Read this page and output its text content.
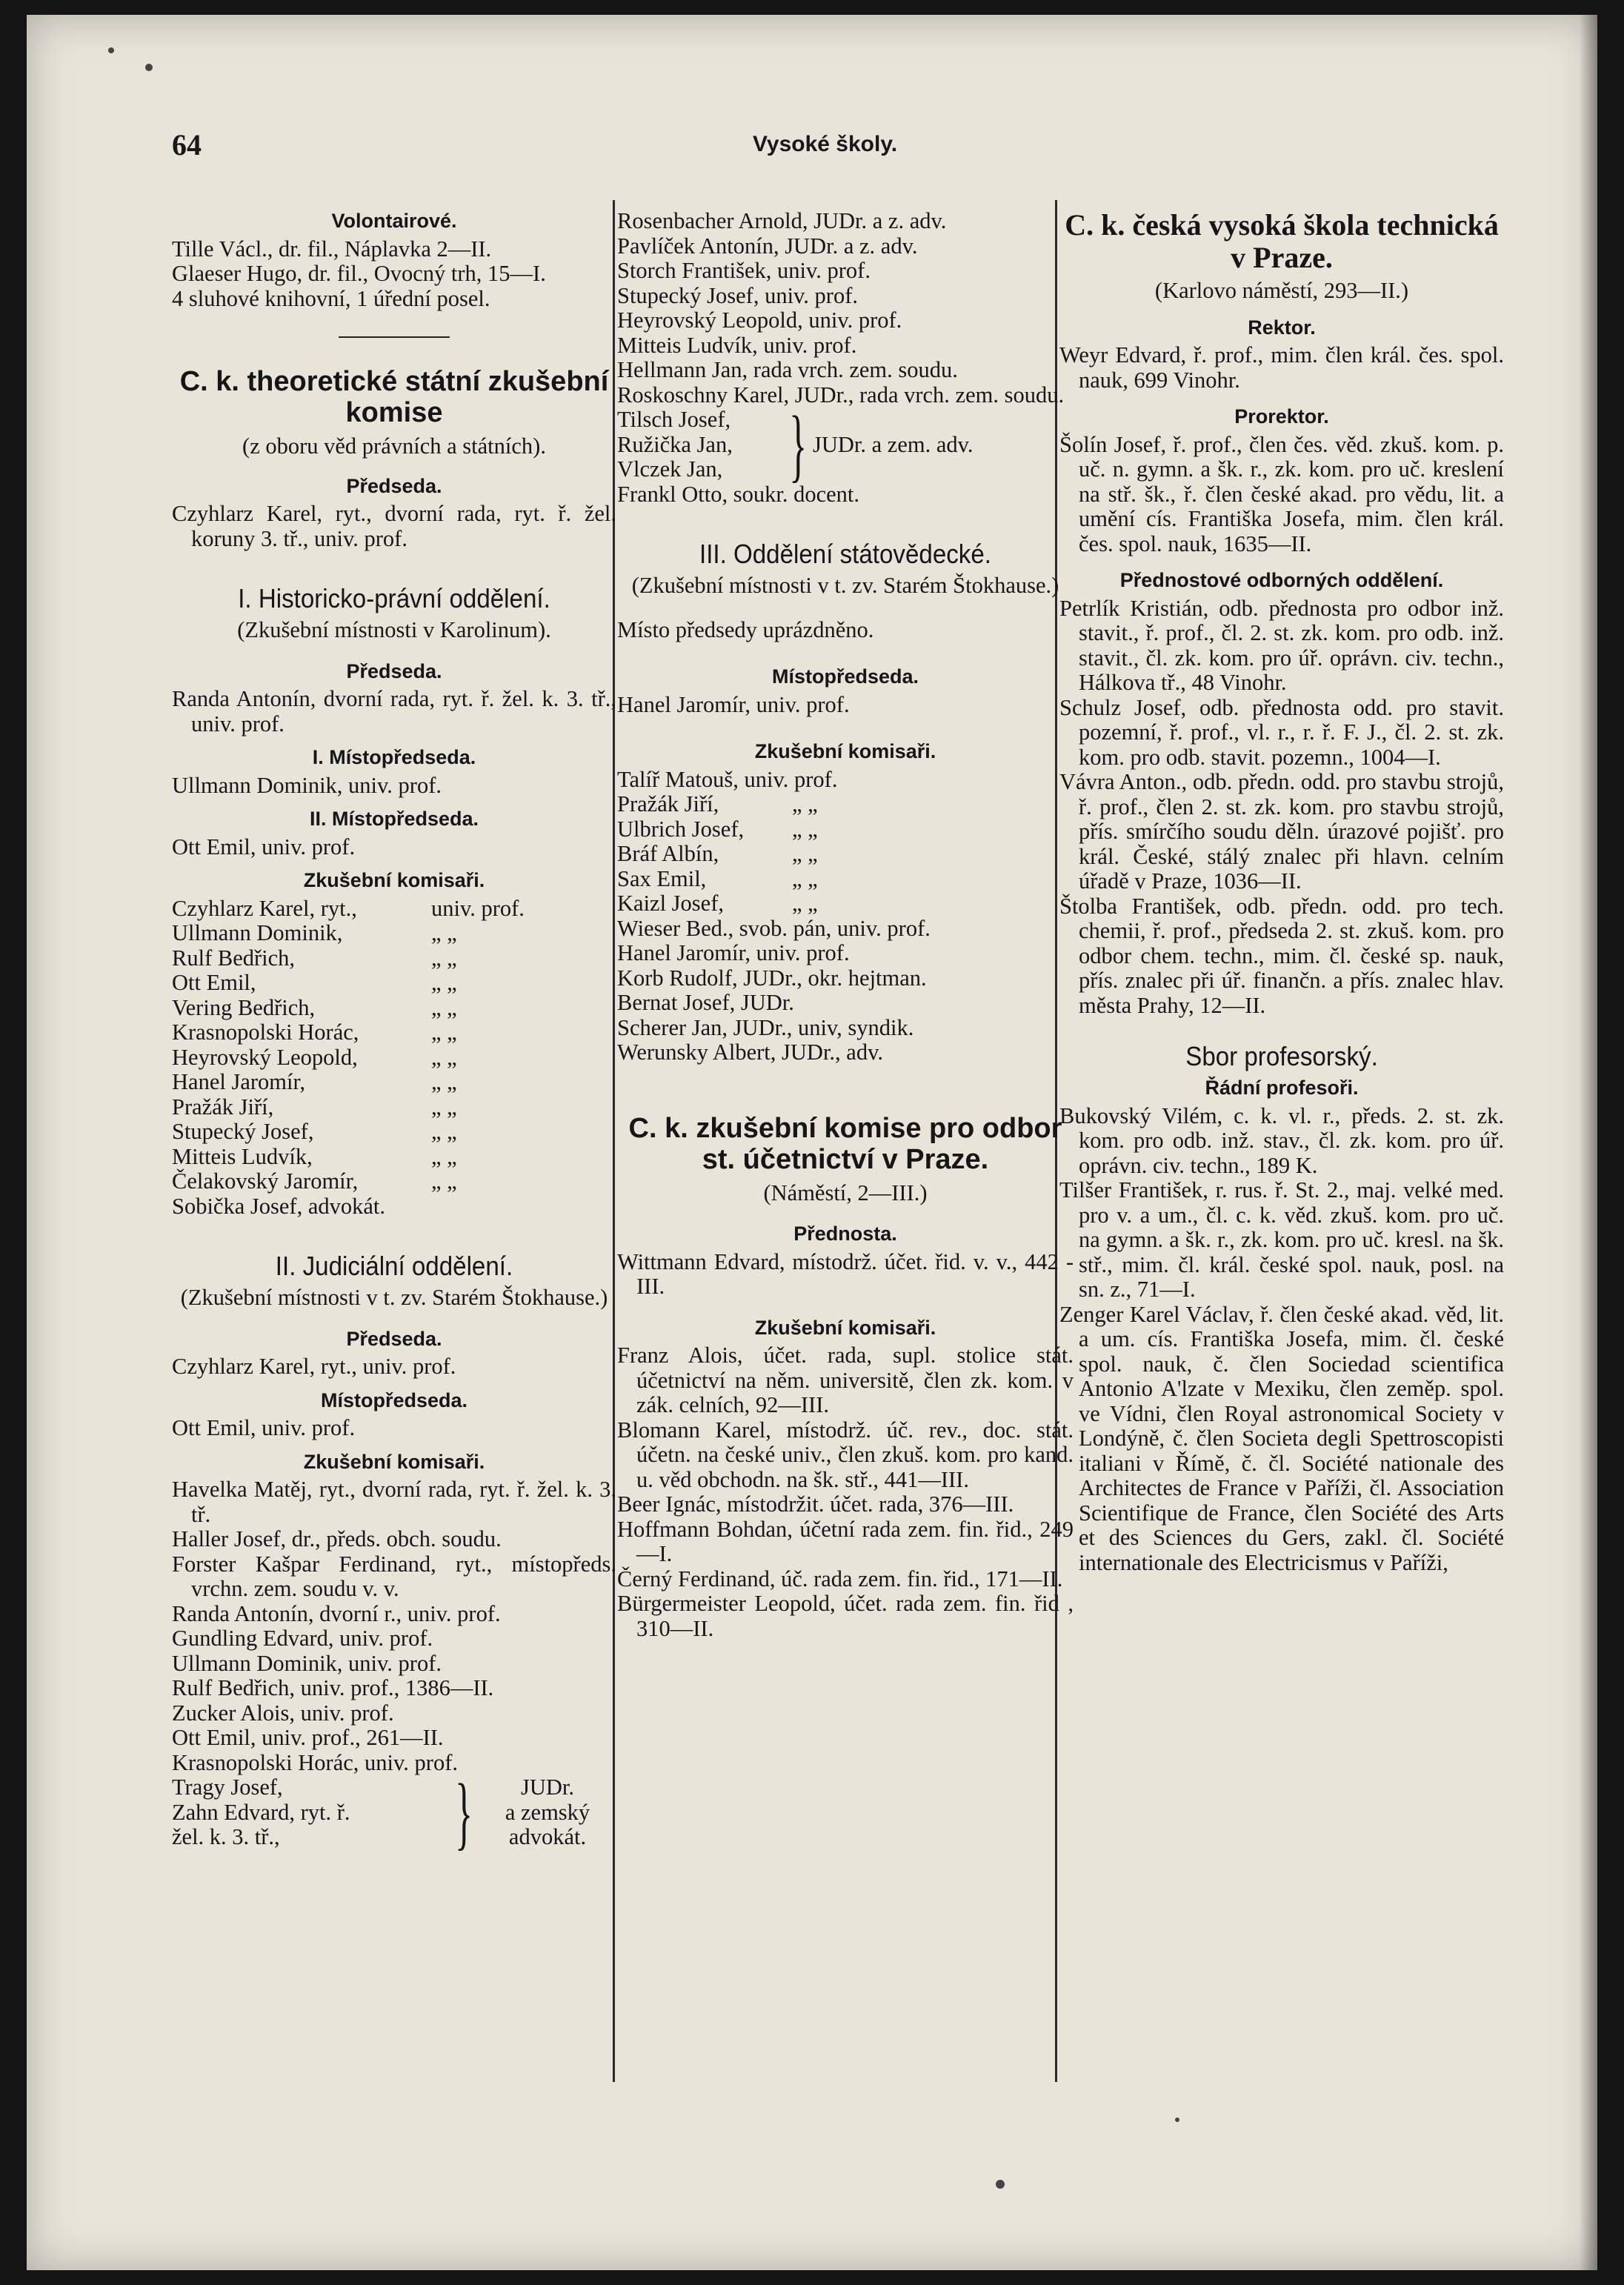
64	Vysoké školy.
Volontairové.

Tille Václ., dr. fil., Náplavka 2—II.

Glaeser Hugo, dr. fil., Ovocný trh, 15—I.

4 sluhové knihovní, 1 úřední posel.

C. k. theoretické státní zkušební komise
(z oboru věd právních a státních).
Předseda.

Czyhlarz Karel, ryt., dvorní rada, ryt. ř. žel. koruny 3. tř., univ. prof.

I. Historicko-právní oddělení.
(Zkušební místnosti v Karolinum).
Předseda.

Randa Antonín, dvorní rada, ryt. ř. žel. k. 3. tř., univ. prof.

I. Místopředseda.

Ullmann Dominik, univ. prof.

II. Místopředseda.

Ott Emil, univ. prof.

Zkušební komisaři.
Czyhlarz Karel, ryt.,	univ. prof.
Ullmann Dominik,	„ „
Rulf Bedřich,	„ „
Ott Emil,	„ „
Vering Bedřich,	„ „
Krasnopolski Horác,	„ „
Heyrovský Leopold,	„ „
Hanel Jaromír,	„ „
Pražák Jiří,	„ „
Stupecký Josef,	„ „
Mitteis Ludvík,	„ „
Čelakovský Jaromír,	„ „
Sobička Josef, advokát.
II. Judiciální oddělení.
(Zkušební místnosti v t. zv. Starém Štokhause.)
Předseda.

Czyhlarz Karel, ryt., univ. prof.

Místopředseda.

Ott Emil, univ. prof.

Zkušební komisaři.

Havelka Matěj, ryt., dvorní rada, ryt. ř. žel. k. 3. tř.

Haller Josef, dr., předs. obch. soudu.

Forster Kašpar Ferdinand, ryt., místopředs. vrchn. zem. soudu v. v.

Randa Antonín, dvorní r., univ. prof.

Gundling Edvard, univ. prof.

Ullmann Dominik, univ. prof.

Rulf Bedřich, univ. prof., 1386—II.

Zucker Alois, univ. prof.

Ott Emil, univ. prof., 261—II.

Krasnopolski Horác, univ. prof.

Tragy Josef,
Zahn Edvard, ryt. ř.
žel. k. 3. tř.,	}	JUDr.
a zemský
advokát.

Rosenbacher Arnold, JUDr. a z. adv.

Pavlíček Antonín, JUDr. a z. adv.

Storch František, univ. prof.

Stupecký Josef, univ. prof.

Heyrovský Leopold, univ. prof.

Mitteis Ludvík, univ. prof.

Hellmann Jan, rada vrch. zem. soudu.

Roskoschny Karel, JUDr., rada vrch. zem. soudu.

Tilsch Josef,
Ružička Jan,
Vlczek Jan, } JUDr. a zem. adv.

Frankl Otto, soukr. docent.

III. Oddělení státovědecké.
(Zkušební místnosti v t. zv. Starém Štokhause.)

Místo předsedy uprázdněno.

Místopředseda.

Hanel Jaromír, univ. prof.

Zkušební komisaři.
Talíř Matouš, univ. prof.
Pražák Jiří,	„ „
Ulbrich Josef,	„ „
Bráf Albín,	„ „
Sax Emil,	„ „
Kaizl Josef,	„ „

Wieser Bed., svob. pán, univ. prof.

Hanel Jaromír, univ. prof.

Korb Rudolf, JUDr., okr. hejtman.

Bernat Josef, JUDr.

Scherer Jan, JUDr., univ, syndik.

Werunsky Albert, JUDr., adv.

C. k. zkušební komise pro odbor st. účetnictví v Praze.
(Náměstí, 2—III.)
Přednosta.

Wittmann Edvard, místodrž. účet. řid. v. v., 442 - III.

Zkušební komisaři.

Franz Alois, účet. rada, supl. stolice stát. účetnictví na něm. universitě, člen zk. kom. v zák. celních, 92—III.

Blomann Karel, místodrž. úč. rev., doc. stát. účetn. na české univ., člen zkuš. kom. pro kand. u. věd obchodn. na šk. stř., 441—III.

Beer Ignác, místodržit. účet. rada, 376—III.

Hoffmann Bohdan, účetní rada zem. fin. řid., 249—I.

Černý Ferdinand, úč. rada zem. fin. řid., 171—II.

Bürgermeister Leopold, účet. rada zem. fin. řid , 310—II.

C. k. česká vysoká škola technická v Praze.
(Karlovo náměstí, 293—II.)
Rektor.

Weyr Edvard, ř. prof., mim. člen král. čes. spol. nauk, 699 Vinohr.

Prorektor.

Šolín Josef, ř. prof., člen čes. věd. zkuš. kom. p. uč. n. gymn. a šk. r., zk. kom. pro uč. kreslení na stř. šk., ř. člen české akad. pro vědu, lit. a umění cís. Františka Josefa, mim. člen král. čes. spol. nauk, 1635—II.

Přednostové odborných oddělení.

Petrlík Kristián, odb. přednosta pro odbor inž. stavit., ř. prof., čl. 2. st. zk. kom. pro odb. inž. stavit., čl. zk. kom. pro úř. oprávn. civ. techn., Hálkova tř., 48 Vinohr.

Schulz Josef, odb. přednosta odd. pro stavit. pozemní, ř. prof., vl. r., r. ř. F. J., čl. 2. st. zk. kom. pro odb. stavit. pozemn., 1004—I.

Vávra Anton., odb. předn. odd. pro stavbu strojů, ř. prof., člen 2. st. zk. kom. pro stavbu strojů, přís. smírčího soudu děln. úrazové pojišť. pro král. České, stálý znalec při hlavn. celním úřadě v Praze, 1036—II.

Štolba František, odb. předn. odd. pro tech. chemii, ř. prof., předseda 2. st. zkuš. kom. pro odbor chem. techn., mim. čl. české sp. nauk, přís. znalec při úř. finančn. a přís. znalec hlav. města Prahy, 12—II.

Sbor profesorský.
Řádní profesoři.

Bukovský Vilém, c. k. vl. r., předs. 2. st. zk. kom. pro odb. inž. stav., čl. zk. kom. pro úř. oprávn. civ. techn., 189 K.

Tilšer František, r. rus. ř. St. 2., maj. velké med. pro v. a um., čl. c. k. věd. zkuš. kom. pro uč. na gymn. a šk. r., zk. kom. pro uč. kresl. na šk. stř., mim. čl. král. české spol. nauk, posl. na sn. z., 71—I.

Zenger Karel Václav, ř. člen české akad. věd, lit. a um. cís. Františka Josefa, mim. čl. české spol. nauk, č. člen Sociedad scientifica Antonio A'lzate v Mexiku, člen zeměp. spol. ve Vídni, člen Royal astronomical Society v Londýně, č. člen Societa degli Spettroscopisti italiani v Římě, č. čl. Société nationale des Architectes de France v Paříži, čl. Association Scientifique de France, člen Société des Arts et des Sciences du Gers, zakl. čl. Société internationale des Electricismus v Paříži,
